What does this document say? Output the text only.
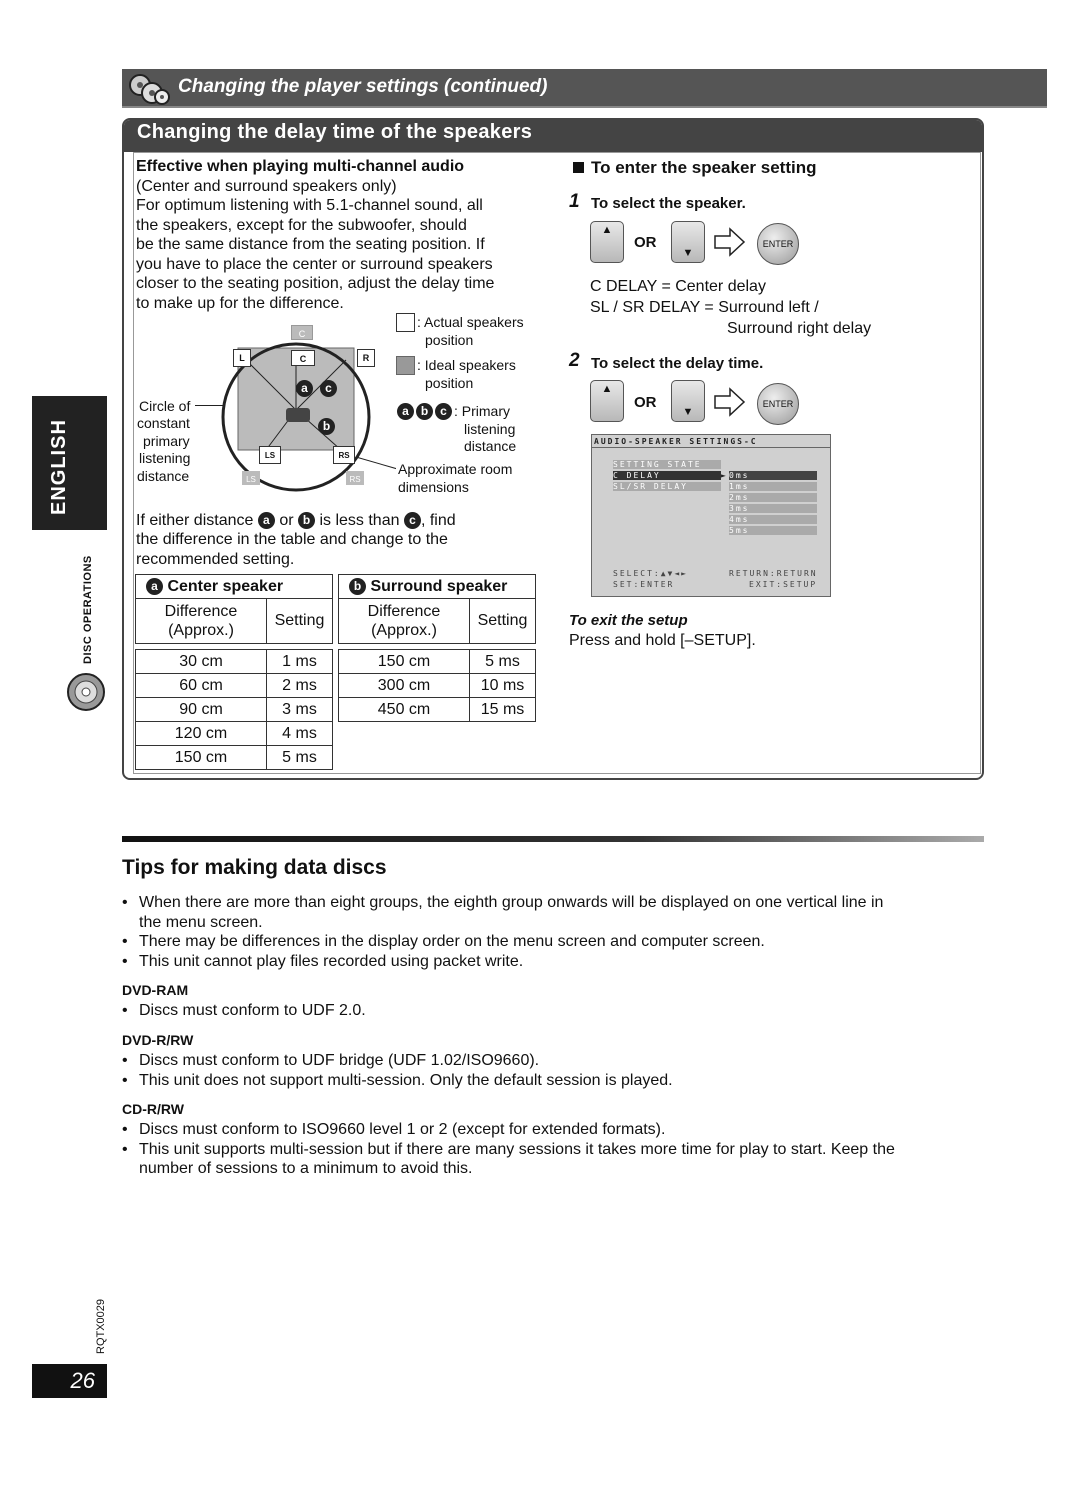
Changing the player settings (continued)
Changing the delay time of the speakers
Effective when playing multi-channel audio
(Center and surround speakers only)
For optimum listening with 5.1-channel sound, all
the speakers, except for the subwoofer, should
be the same distance from the seating position. If
you have to place the center or surround speakers
closer to the seating position, adjust the delay time
to make up for the difference.
C
C
L	R
LS	RS
LS	RS
a	c
b
Circle of
constant
primary
listening
distance
: Actual speakers
position
: Ideal speakers
position
a b c : Primary
listening
distance
Approximate room
dimensions
If either distance a or b is less than c , find
the difference in the table and change to the
recommended setting.
a Center speaker	
Difference
(Approx.)	Setting

30 cm	1 ms
60 cm	2 ms
90 cm	3 ms
120 cm	4 ms
150 cm	5 ms
b Surround speaker	
Difference
(Approx.)	Setting

150 cm	5 ms
300 cm	10 ms
450 cm	15 ms
To enter the speaker setting
1 To select the speaker.
▲
OR
▼
ENTER
C DELAY = Center delay
SL / SR DELAY = Surround left /
Surround right delay
2 To select the delay time.
▲
OR
▼
ENTER
AUDIO-SPEAKER SETTINGS-C
SETTING STATE
C DELAY
SL/SR DELAY
► 0ms
1ms
2ms
3ms
4ms
5ms
SELECT:▲▼◄►	RETURN:RETURN
SET:ENTER	EXIT:SETUP
To exit the setup
Press and hold [–SETUP].
ENGLISH
DISC OPERATIONS
RQTX0029
26
Tips for making data discs
• When there are more than eight groups, the eighth group onwards will be displayed on one vertical line in
the menu screen.
• There may be differences in the display order on the menu screen and computer screen.
• This unit cannot play files recorded using packet write.
DVD-RAM
• Discs must conform to UDF 2.0.
DVD-R/RW
• Discs must conform to UDF bridge (UDF 1.02/ISO9660).
• This unit does not support multi-session. Only the default session is played.
CD-R/RW
• Discs must conform to ISO9660 level 1 or 2 (except for extended formats).
• This unit supports multi-session but if there are many sessions it takes more time for play to start. Keep the
number of sessions to a minimum to avoid this.
